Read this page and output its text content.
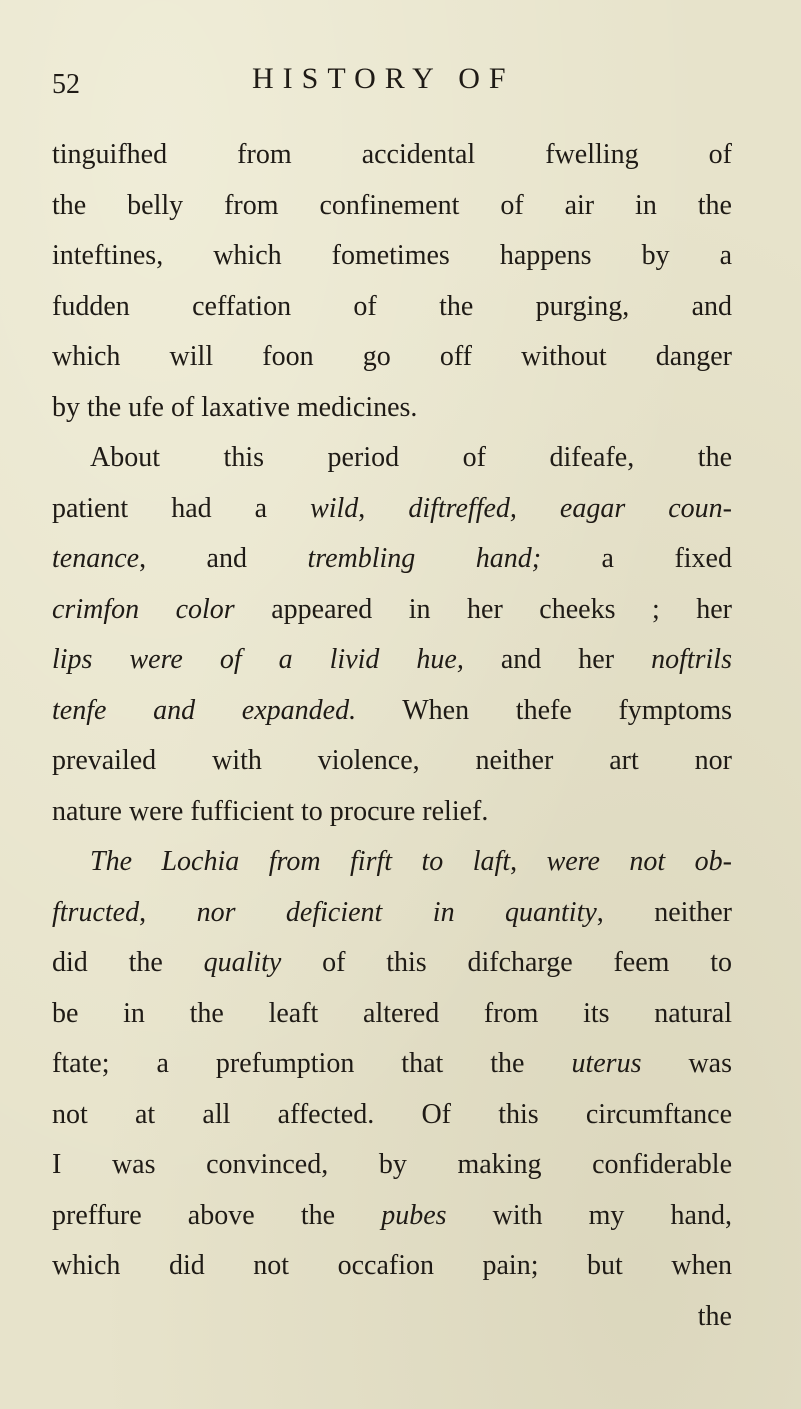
52	HISTORY OF
tinguifhed from accidental fwelling of
the belly from confinement of air in the
inteftines, which fometimes happens by a
fudden ceffation of the purging, and
which will foon go off without danger
by the ufe of laxative medicines.
About this period of difeafe, the
patient had a wild, diftreffed, eagar coun-
tenance, and trembling hand; a fixed
crimfon color appeared in her cheeks ; her
lips were of a livid hue, and her noftrils
tenfe and expanded. When thefe fymptoms
prevailed with violence, neither art nor
nature were fufficient to procure relief.
The Lochia from firft to laft, were not ob-
ftructed, nor deficient in quantity, neither
did the quality of this difcharge feem to
be in the leaft altered from its natural
ftate; a prefumption that the uterus was
not at all affected. Of this circumftance
I was convinced, by making confiderable
preffure above the pubes with my hand,
which did not occafion pain; but when
the
